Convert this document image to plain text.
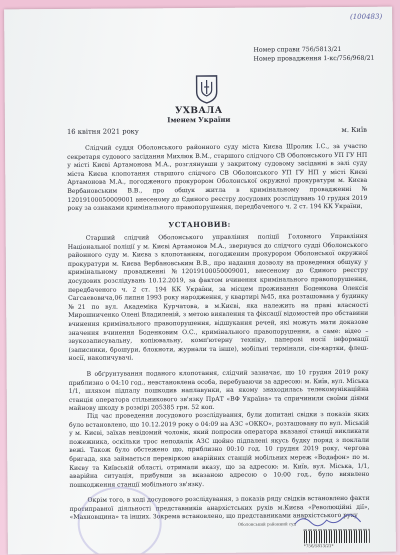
(100483)
Номер справи 756/5813/21
Номер провадження 1-кс/756/968/21
УХВАЛА
Іменем України
16 квітня 2021 року	м. Київ
Слідчий суддя Оболонського районного суду міста Києва Шролик І.С., за участю секретаря судового засідання Михлюк В.М., старшого слідчого СВ Оболонського УП ГУ НП у місті Києві Артамонова М.А., розглянувши у закритому судовому засіданні в залі суду міста Києва клопотання старшого слідчого СВ Оболонського УП ГУ НП у місті Києві Артамонова М.А., погодженого прокурором Оболонської окружної прокуратури м. Києва Вербановським В.В., про обшук житла в кримінальному провадженні № 12019100050009001 внесеному до Єдиного реєстру досудових розслідувань 10 грудня 2019 року за ознаками кримінального правопорушення, передбаченого ч. 2 ст. 194 КК України,
УСТАНОВИВ:
Старший слідчий Оболонського управління поліції Головного Управління Національної поліції у м. Києві Артамонов М.А., звернувся до слідчого судді Оболонського районного суду м. Києва з клопотанням, погодженим прокурором Оболонської окружної прокуратури м. Києва Вербановським В.В., про надання дозволу на проведення обшуку у кримінальному провадженні №12019100050009001, внесеному до Єдиного реєстру досудових розслідувань 10.12.2019, за фактом вчинення кримінального правопорушення, передбаченого ч. 2 ст. 194 КК України, за місцем проживання Боденкова Олексія Сагсаевовича,06 липня 1993 року народження, у квартирі №45, яка розташована у будинку №21 по вул. Академіка Курчатова, в м.Києві, яка належить на праві власності Мирошниченко Олені Владиленій, з метою виявлення та фіксації відомостей про обставини вчинення кримінального правопорушення, відшукання речей, які можуть мати доказове значення вчинення Боденковим О.С., кримінального правопорушення, а саме: відео – звукозаписувальну, копіювальну, комп'ютерну техніку, паперові носії інформації (записники, брошури, блокноти, журнали та інше), мобільні термінали, сім-картки, флеш-носії, накопичувачі.
В обґрунтування поданого клопотання, слідчий зазначає, що 10 грудня 2019 року приблизно о 04:10 год., невстановлена особа, перебуваючи за адресою: м. Київ, вул. Міська 1/1, шляхом підпалу пошкодив наплавунки, на якому знаходилась телекомунікаційна станція оператора стільникового зв'язку ПрАТ «ВФ Україна» та спричинили своїми діями майнову шкоду в розмірі 205385 грн. 52 коп.
Під час проведення досудового розслідування, були допитані свідки з показів яких було встановлено, що 10.12.2019 року о 04:09 на АЗС «ОККО», розташовану по вул. Міській у м. Києві, заїхав невідомий чоловік, який попросив оператора вказаної станції викликати пожежника, оскільки трос неподалік АЗС щойно підпалені якусь будку поряд з поклали вежі. Також було обстежено що, приблизно 00:10 год. 10 грудня 2019 року, чергова бригада, яка займається перевіркою аварійних станцій мобільних мереж «Водафон» по м. Києву та Київській області, отримали вказу, що за адресою: м. Київ, вул. Міська, 1/1, аварійна ситуація, прибувши за вказаною адресою о 10:00 год., було виявлено пошкодження станції мобільного зв'язку.
Окрім того, в ході досудового розслідування, з показів ряду свідків встановлено факти протиправної діяльності представників анархістських рухів м.Києва «Революційні дії», «Махновщина» та інших. Зокрема встановлено, що представниками анархістського руху
*756/5813/21*
Оболонський районний суд
